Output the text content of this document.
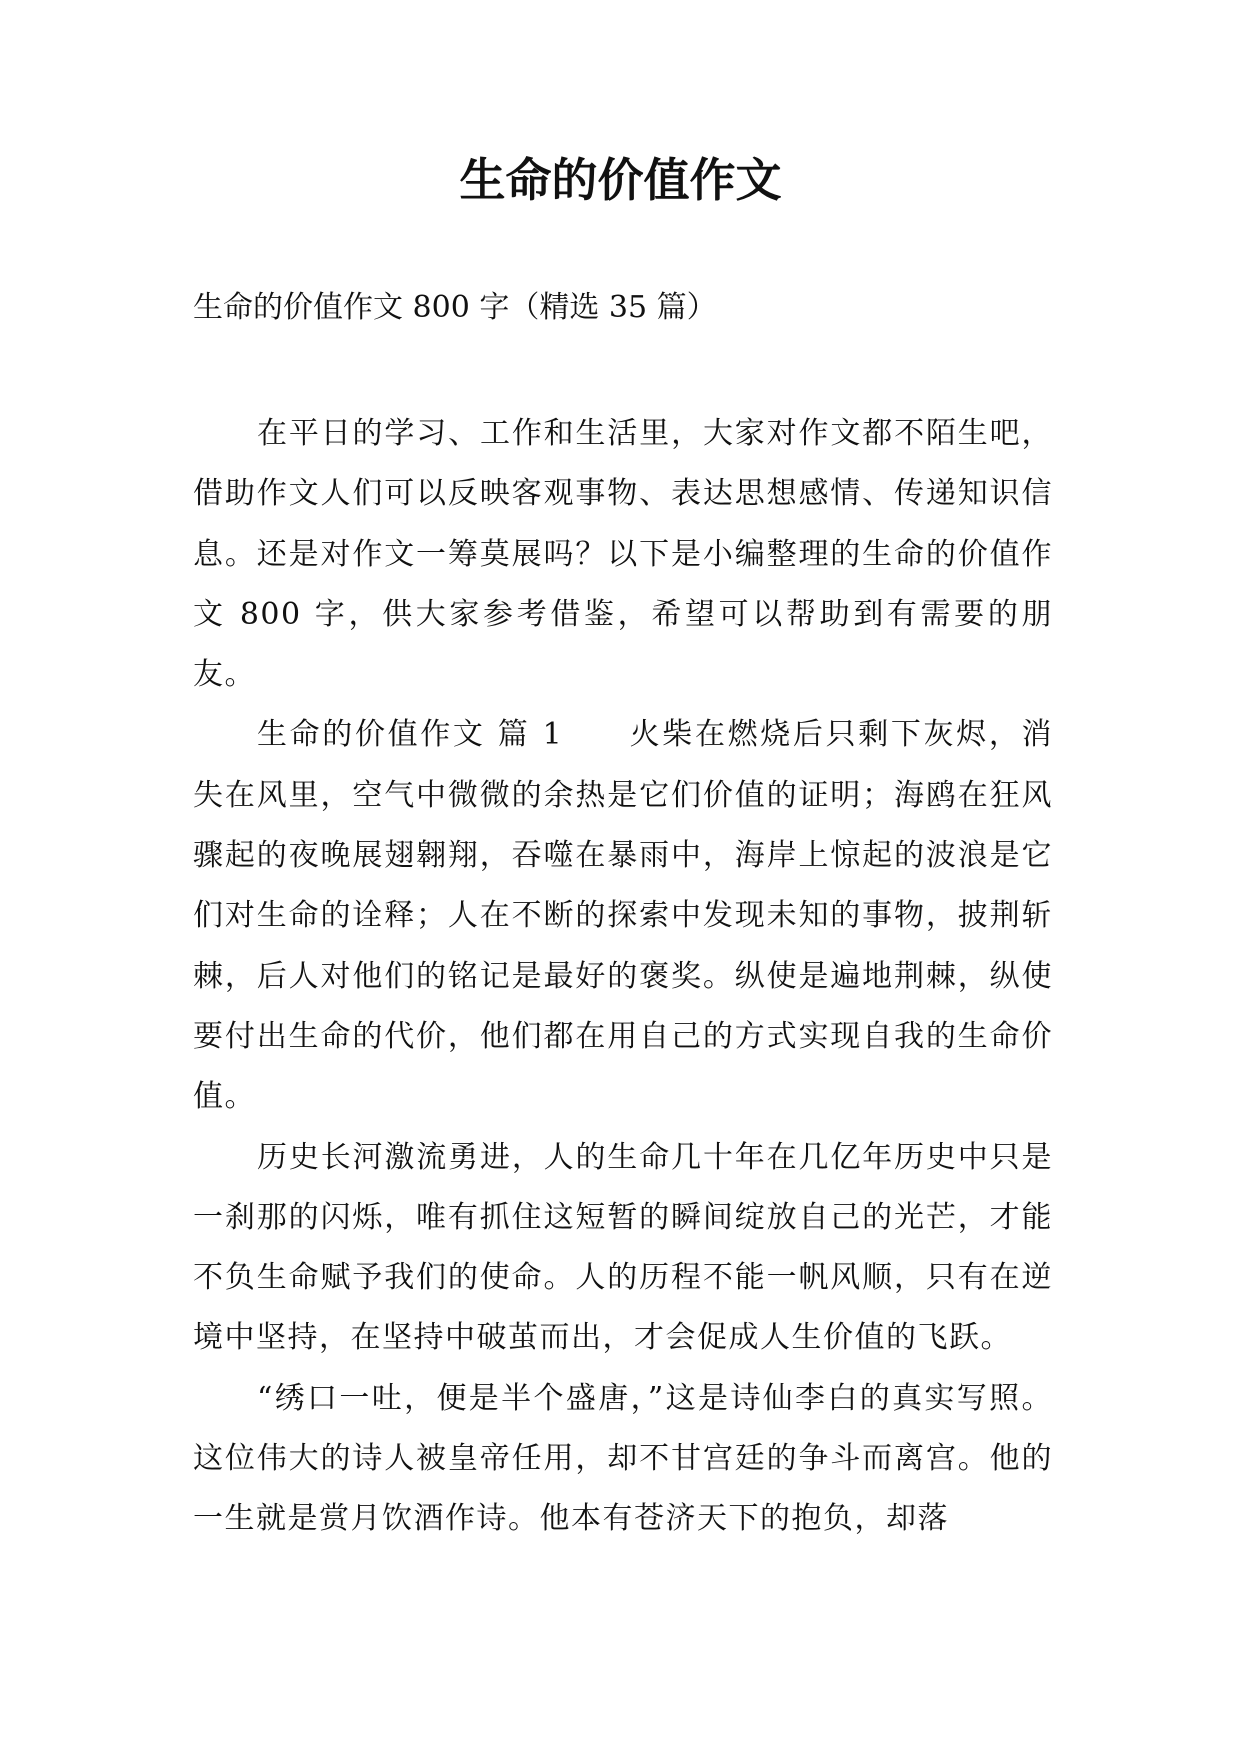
生命的价值作文

生命的价值作文 800 字（精选 35 篇）

在平日的学习、工作和生活里，大家对作文都不陌生吧，借助作文人们可以反映客观事物、表达思想感情、传递知识信息。还是对作文一筹莫展吗？以下是小编整理的生命的价值作文 800 字，供大家参考借鉴，希望可以帮助到有需要的朋友。

生命的价值作文 篇 1　　火柴在燃烧后只剩下灰烬，消失在风里，空气中微微的余热是它们价值的证明；海鸥在狂风骤起的夜晚展翅翱翔，吞噬在暴雨中，海岸上惊起的波浪是它们对生命的诠释；人在不断的探索中发现未知的事物，披荆斩棘，后人对他们的铭记是最好的褒奖。纵使是遍地荆棘，纵使要付出生命的代价，他们都在用自己的方式实现自我的生命价值。

历史长河激流勇进，人的生命几十年在几亿年历史中只是一刹那的闪烁，唯有抓住这短暂的瞬间绽放自己的光芒，才能不负生命赋予我们的使命。人的历程不能一帆风顺，只有在逆境中坚持，在坚持中破茧而出，才会促成人生价值的飞跃。

“绣口一吐，便是半个盛唐，”这是诗仙李白的真实写照。这位伟大的诗人被皇帝任用，却不甘宫廷的争斗而离宫。他的一生就是赏月饮酒作诗。他本有苍济天下的抱负，却落
